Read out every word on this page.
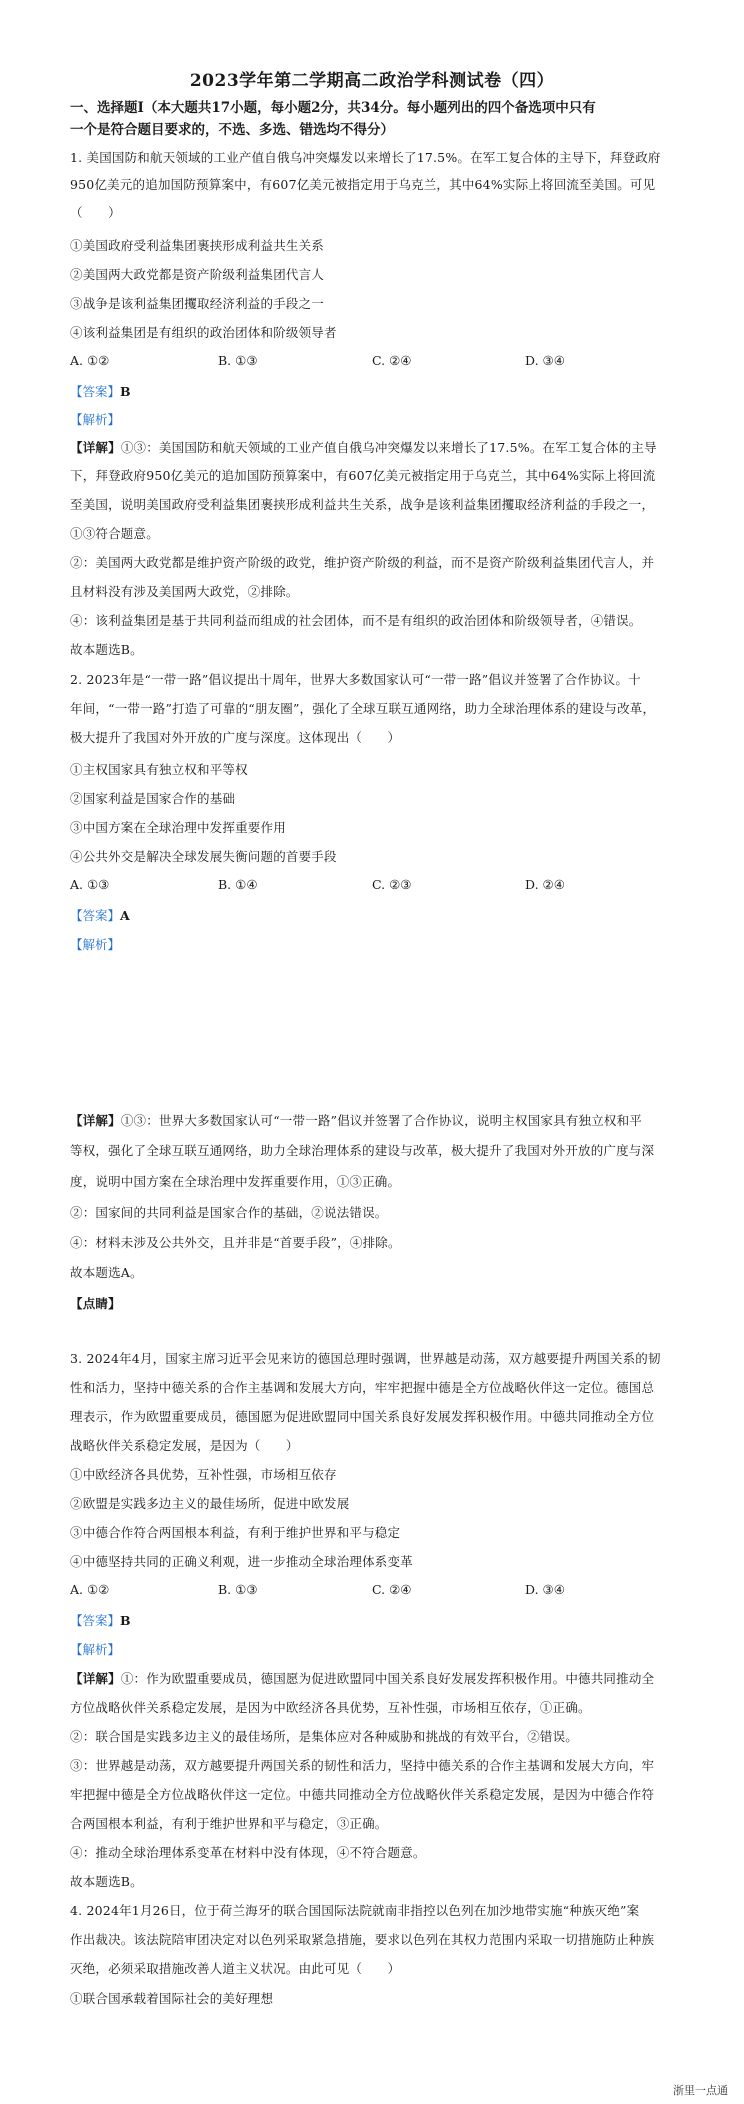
2023学年第二学期高二政治学科测试卷（四）
一、选择题Ⅰ（本大题共17小题，每小题2分，共34分。每小题列出的四个备选项中只有
一个是符合题目要求的，不选、多选、错选均不得分）
1. 美国国防和航天领域的工业产值自俄乌冲突爆发以来增长了17.5%。在军工复合体的主导下，拜登政府
950亿美元的追加国防预算案中，有607亿美元被指定用于乌克兰，其中64%实际上将回流至美国。可见
（　　）
①美国政府受利益集团裹挟形成利益共生关系
②美国两大政党都是资产阶级利益集团代言人
③战争是该利益集团攫取经济利益的手段之一
④该利益集团是有组织的政治团体和阶级领导者
A. ①②	B. ①③	C. ②④	D. ③④
【答案】B
【解析】
【详解】①③：美国国防和航天领域的工业产值自俄乌冲突爆发以来增长了17.5%。在军工复合体的主导
下，拜登政府950亿美元的追加国防预算案中，有607亿美元被指定用于乌克兰，其中64%实际上将回流
至美国，说明美国政府受利益集团裹挟形成利益共生关系，战争是该利益集团攫取经济利益的手段之一，
①③符合题意。
②：美国两大政党都是维护资产阶级的政党，维护资产阶级的利益，而不是资产阶级利益集团代言人，并
且材料没有涉及美国两大政党，②排除。
④：该利益集团是基于共同利益而组成的社会团体，而不是有组织的政治团体和阶级领导者，④错误。
故本题选B。
2. 2023年是“一带一路”倡议提出十周年，世界大多数国家认可“一带一路”倡议并签署了合作协议。十
年间，“一带一路”打造了可靠的“朋友圈”，强化了全球互联互通网络，助力全球治理体系的建设与改革，
极大提升了我国对外开放的广度与深度。这体现出（　　）
①主权国家具有独立权和平等权
②国家利益是国家合作的基础
③中国方案在全球治理中发挥重要作用
④公共外交是解决全球发展失衡问题的首要手段
A. ①③	B. ①④	C. ②③	D. ②④
【答案】A
【解析】
【详解】①③：世界大多数国家认可“一带一路”倡议并签署了合作协议，说明主权国家具有独立权和平
等权，强化了全球互联互通网络，助力全球治理体系的建设与改革，极大提升了我国对外开放的广度与深
度，说明中国方案在全球治理中发挥重要作用，①③正确。
②：国家间的共同利益是国家合作的基础，②说法错误。
④：材料未涉及公共外交，且并非是“首要手段”，④排除。
故本题选A。
【点睛】
3. 2024年4月，国家主席习近平会见来访的德国总理时强调，世界越是动荡，双方越要提升两国关系的韧
性和活力，坚持中德关系的合作主基调和发展大方向，牢牢把握中德是全方位战略伙伴这一定位。德国总
理表示，作为欧盟重要成员，德国愿为促进欧盟同中国关系良好发展发挥积极作用。中德共同推动全方位
战略伙伴关系稳定发展，是因为（　　）
①中欧经济各具优势，互补性强，市场相互依存
②欧盟是实践多边主义的最佳场所，促进中欧发展
③中德合作符合两国根本利益，有利于维护世界和平与稳定
④中德坚持共同的正确义利观，进一步推动全球治理体系变革
A. ①②	B. ①③	C. ②④	D. ③④
【答案】B
【解析】
【详解】①：作为欧盟重要成员，德国愿为促进欧盟同中国关系良好发展发挥积极作用。中德共同推动全
方位战略伙伴关系稳定发展，是因为中欧经济各具优势，互补性强，市场相互依存，①正确。
②：联合国是实践多边主义的最佳场所，是集体应对各种威胁和挑战的有效平台，②错误。
③：世界越是动荡，双方越要提升两国关系的韧性和活力，坚持中德关系的合作主基调和发展大方向，牢
牢把握中德是全方位战略伙伴这一定位。中德共同推动全方位战略伙伴关系稳定发展，是因为中德合作符
合两国根本利益，有利于维护世界和平与稳定，③正确。
④：推动全球治理体系变革在材料中没有体现，④不符合题意。
故本题选B。
4. 2024年1月26日，位于荷兰海牙的联合国国际法院就南非指控以色列在加沙地带实施“种族灭绝”案
作出裁决。该法院陪审团决定对以色列采取紧急措施，要求以色列在其权力范围内采取一切措施防止种族
灭绝，必须采取措施改善人道主义状况。由此可见（　　）
①联合国承载着国际社会的美好理想
浙里一点通
